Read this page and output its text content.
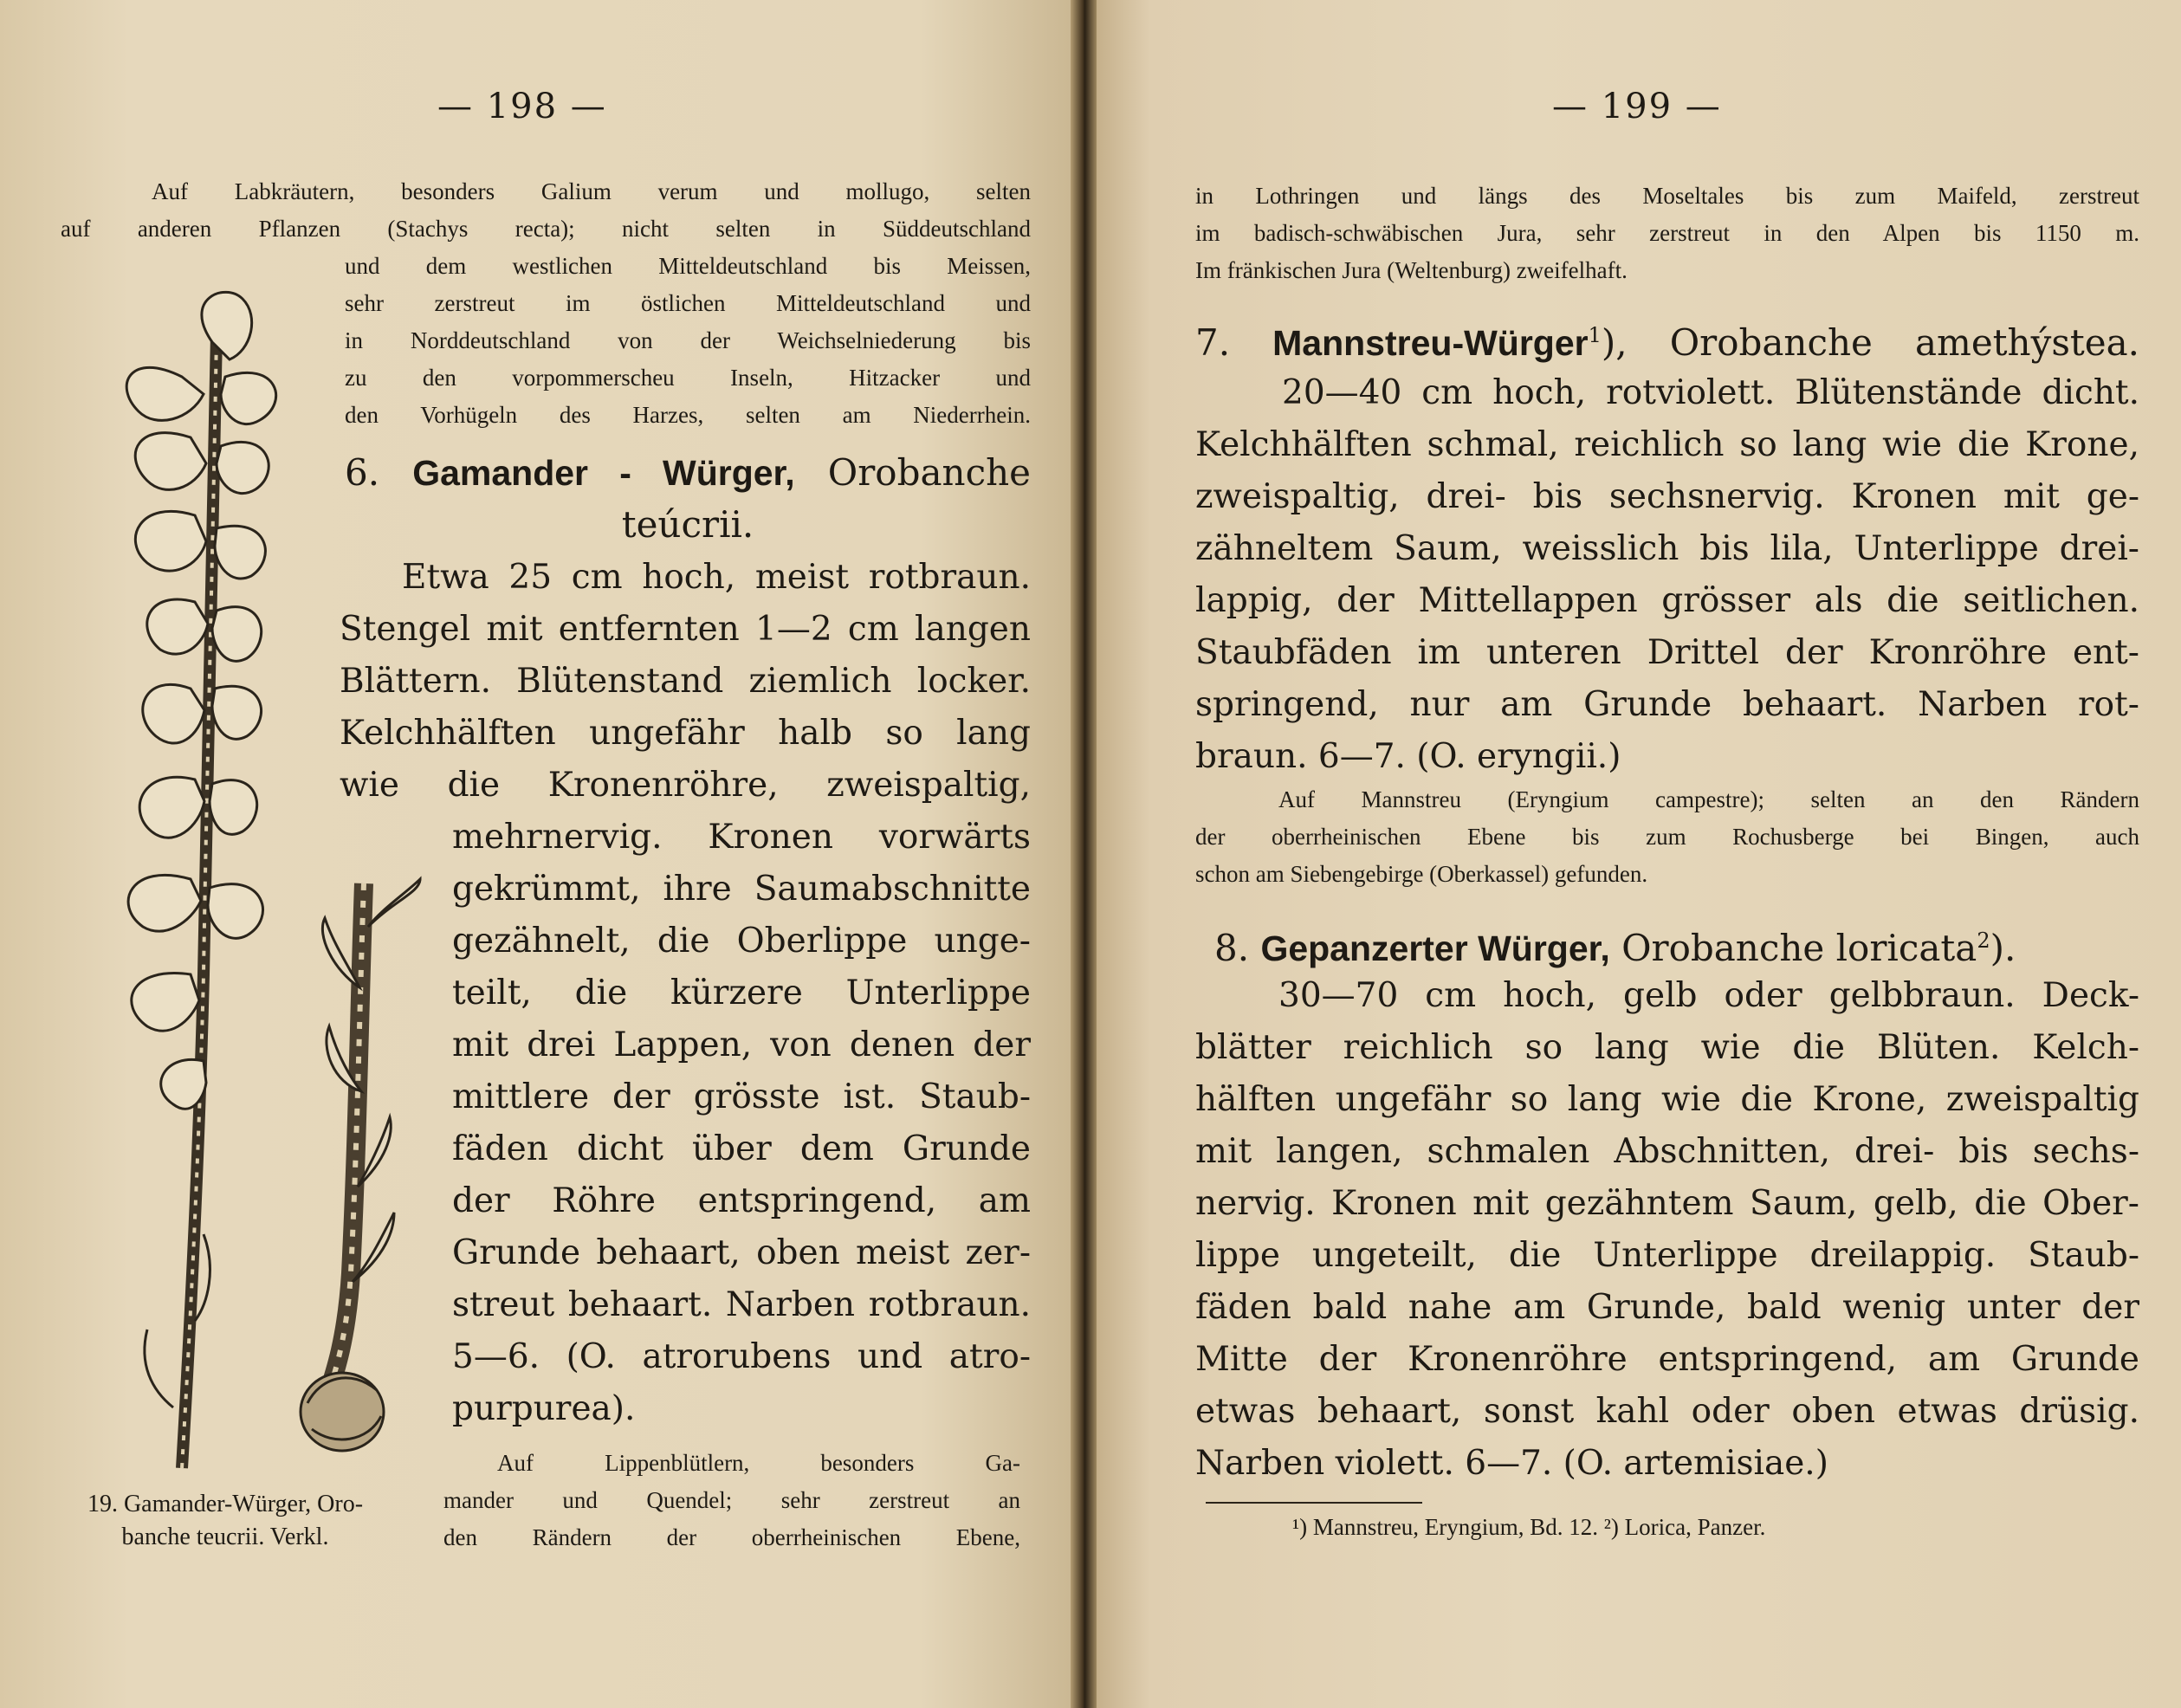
— 198 —
Auf Labkräutern, besonders Galium verum und mollugo, selten
auf anderen Pflanzen (Stachys recta); nicht selten in Süddeutschland
und dem westlichen Mitteldeutschland bis Meissen,
sehr zerstreut im östlichen Mitteldeutschland und
in Norddeutschland von der Weichselniederung bis
zu den vorpommerscheu Inseln, Hitzacker und
den Vorhügeln des Harzes, selten am Niederrhein.
6. Gamander - Würger, Orobanche
teúcrii.
Etwa 25 cm hoch, meist rotbraun.
Stengel mit entfernten 1—2 cm langen
Blättern. Blütenstand ziemlich locker.
Kelchhälften ungefähr halb so lang
wie die Kronenröhre, zweispaltig,
mehrnervig. Kronen vorwärts
gekrümmt, ihre Saumabschnitte
gezähnelt, die Oberlippe unge-
teilt, die kürzere Unterlippe
mit drei Lappen, von denen der
mittlere der grösste ist. Staub-
fäden dicht über dem Grunde
der Röhre entspringend, am
Grunde behaart, oben meist zer-
streut behaart. Narben rotbraun.
5—6. (O. atrorubens und atro-
purpurea).
Auf Lippenblütlern, besonders Ga-
mander und Quendel; sehr zerstreut an
den Rändern der oberrheinischen Ebene,
19. Gamander-Würger, Oro-
banche teucrii. Verkl.
— 199 —
in Lothringen und längs des Moseltales bis zum Maifeld, zerstreut
im badisch-schwäbischen Jura, sehr zerstreut in den Alpen bis 1150 m.
Im fränkischen Jura (Weltenburg) zweifelhaft.
7. Mannstreu-Würger$^1$), Orobanche amethýstea.
20—40 cm hoch, rotviolett. Blütenstände dicht.
Kelchhälften schmal, reichlich so lang wie die Krone,
zweispaltig, drei- bis sechsnervig. Kronen mit ge-
zähneltem Saum, weisslich bis lila, Unterlippe drei-
lappig, der Mittellappen grösser als die seitlichen.
Staubfäden im unteren Drittel der Kronröhre ent-
springend, nur am Grunde behaart. Narben rot-
braun. 6—7. (O. eryngii.)
Auf Mannstreu (Eryngium campestre); selten an den Rändern
der oberrheinischen Ebene bis zum Rochusberge bei Bingen, auch
schon am Siebengebirge (Oberkassel) gefunden.
8. Gepanzerter Würger, Orobanche loricata$^2$).
30—70 cm hoch, gelb oder gelbbraun. Deck-
blätter reichlich so lang wie die Blüten. Kelch-
hälften ungefähr so lang wie die Krone, zweispaltig
mit langen, schmalen Abschnitten, drei- bis sechs-
nervig. Kronen mit gezähntem Saum, gelb, die Ober-
lippe ungeteilt, die Unterlippe dreilappig. Staub-
fäden bald nahe am Grunde, bald wenig unter der
Mitte der Kronenröhre entspringend, am Grunde
etwas behaart, sonst kahl oder oben etwas drüsig.
Narben violett. 6—7. (O. artemisiae.)
¹) Mannstreu, Eryngium, Bd. 12. ²) Lorica, Panzer.
